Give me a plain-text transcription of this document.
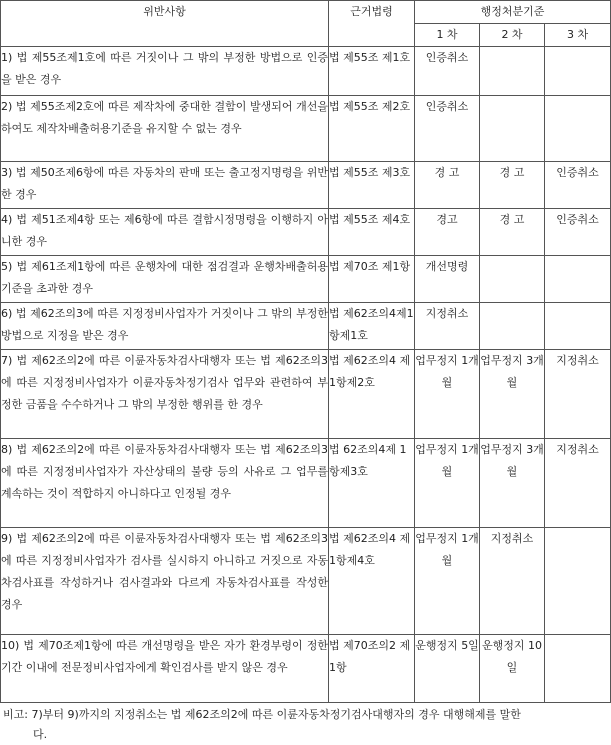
위반사항	근거법령	행정처분기준		
		1 차	2 차	3 차
1) 법 제55조제1호에 따른 거짓이나 그 밖의 부정한 방법으로 인증을 받은 경우	법 제55조 제1호	인증취소		
2) 법 제55조제2호에 따른 제작차에 중대한 결함이 발생되어 개선을 하여도 제작차배출허용기준을 유지할 수 없는 경우	법 제55조 제2호	인증취소		
3) 법 제50조제6항에 따른 자동차의 판매 또는 출고정지명령을 위반한 경우	법 제55조 제3호	경 고	경 고	인증취소
4) 법 제51조제4항 또는 제6항에 따른 결함시정명령을 이행하지 아니한 경우	법 제55조 제4호	경고	경 고	인증취소
5) 법 제61조제1항에 따른 운행차에 대한 점검결과 운행차배출허용기준을 초과한 경우	법 제70조 제1항	개선명령		
6) 법 제62조의3에 따른 지정정비사업자가 거짓이나 그 밖의 부정한 방법으로 지정을 받은 경우	법 제62조의4제1항제1호	지정취소		
7) 법 제62조의2에 따른 이륜자동차검사대행자 또는 법 제62조의3에 따른 지정정비사업자가 이륜자동차정기검사 업무와 관련하여 부정한 금품을 수수하거나 그 밖의 부정한 행위를 한 경우	법 제62조의4 제1항제2호	업무정지 1개월	업무정지 3개월	지정취소
8) 법 제62조의2에 따른 이륜자동차검사대행자 또는 법 제62조의3에 따른 지정정비사업자가 자산상태의 불량 등의 사유로 그 업무를 계속하는 것이 적합하지 아니하다고 인정될 경우	법 62조의4제 1항제3호	업무정지 1개월	업무정지 3개월	지정취소
9) 법 제62조의2에 따른 이륜자동차검사대행자 또는 법 제62조의3에 따른 지정정비사업자가 검사를 실시하지 아니하고 거짓으로 자동차검사표를 작성하거나 검사결과와 다르게 자동차검사표를 작성한 경우	법 제62조의4 제1항제4호	업무정지 1개월	지정취소	
10) 법 제70조제1항에 따른 개선명령을 받은 자가 환경부령이 정한 기간 이내에 전문정비사업자에게 확인검사를 받지 않은 경우	법 제70조의2 제1항	운행정지 5일	운행정지 10일	
비고: 7)부터 9)까지의 지정취소는 법 제62조의2에 따른 이륜자동차정기검사대행자의 경우 대행해제를 말한
다.
